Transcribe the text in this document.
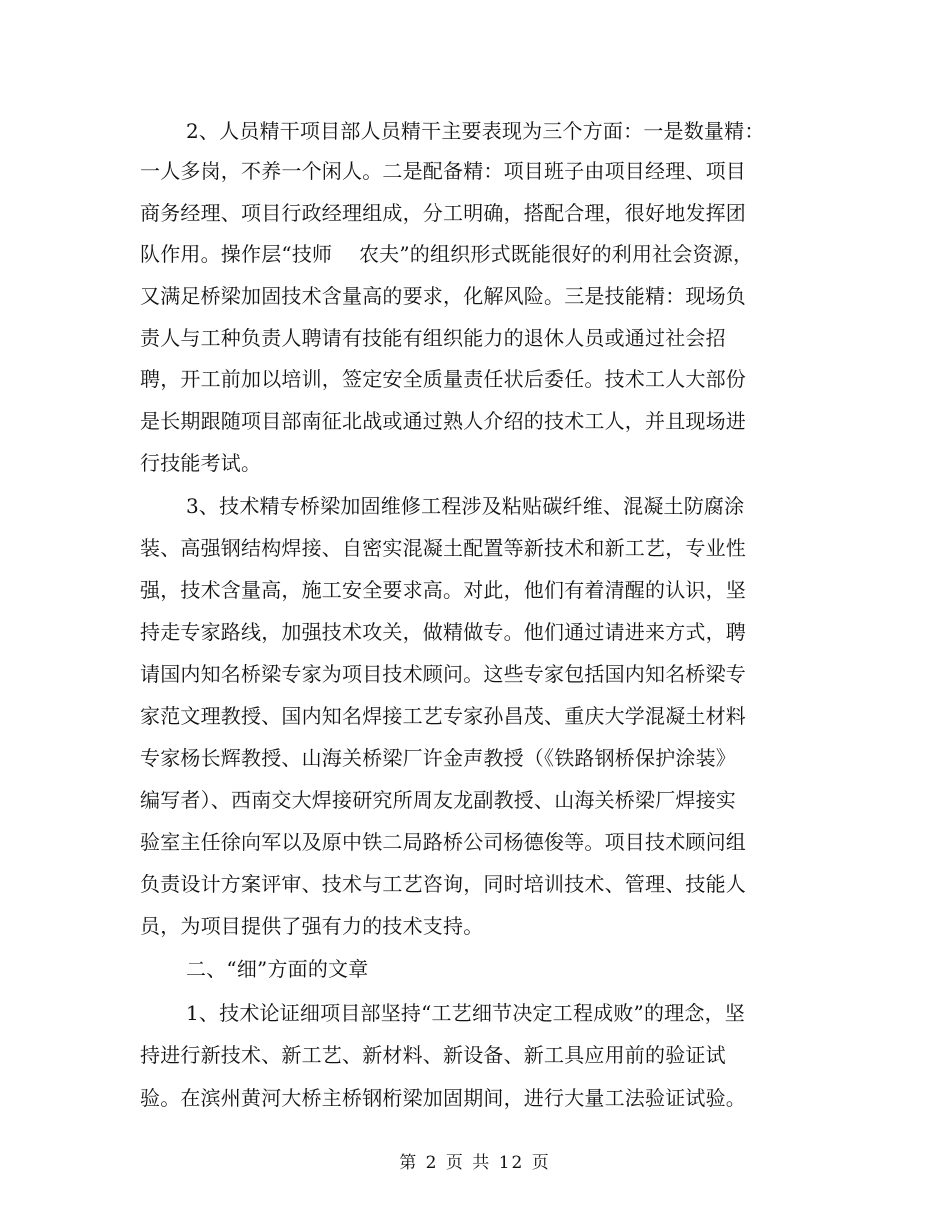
2、人员精干项目部人员精干主要表现为三个方面：一是数量精：
一人多岗，不养一个闲人。二是配备精：项目班子由项目经理、项目
商务经理、项目行政经理组成，分工明确，搭配合理，很好地发挥团
队作用。操作层“技师　 农夫”的组织形式既能很好的利用社会资源，
又满足桥梁加固技术含量高的要求，化解风险。三是技能精：现场负
责人与工种负责人聘请有技能有组织能力的退休人员或通过社会招
聘，开工前加以培训，签定安全质量责任状后委任。技术工人大部份
是长期跟随项目部南征北战或通过熟人介绍的技术工人，并且现场进
行技能考试。
3、技术精专桥梁加固维修工程涉及粘贴碳纤维、混凝土防腐涂
装、高强钢结构焊接、自密实混凝土配置等新技术和新工艺，专业性
强，技术含量高，施工安全要求高。对此，他们有着清醒的认识，坚
持走专家路线，加强技术攻关，做精做专。他们通过请进来方式，聘
请国内知名桥梁专家为项目技术顾问。这些专家包括国内知名桥梁专
家范文理教授、国内知名焊接工艺专家孙昌茂、重庆大学混凝土材料
专家杨长辉教授、山海关桥梁厂许金声教授（《铁路钢桥保护涂装》
编写者）、西南交大焊接研究所周友龙副教授、山海关桥梁厂焊接实
验室主任徐向军以及原中铁二局路桥公司杨德俊等。项目技术顾问组
负责设计方案评审、技术与工艺咨询，同时培训技术、管理、技能人
员，为项目提供了强有力的技术支持。
二、“细”方面的文章
1、技术论证细项目部坚持“工艺细节决定工程成败”的理念，坚
持进行新技术、新工艺、新材料、新设备、新工具应用前的验证试
验。在滨州黄河大桥主桥钢桁梁加固期间，进行大量工法验证试验。
第 2 页 共 12 页
